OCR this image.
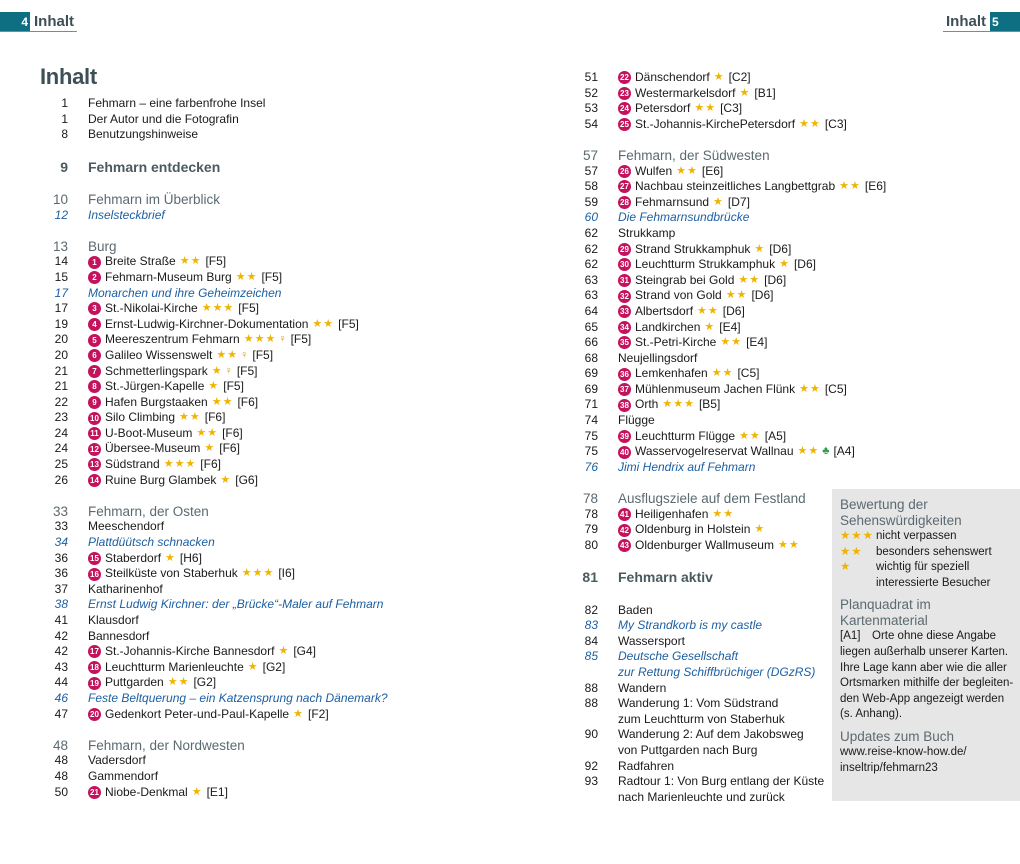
4 Inhalt	Inhalt 5
Inhalt
1 Fehmarn – eine farbenfrohe Insel
1 Der Autor und die Fotografin
8 Benutzungshinweise
9 Fehmarn entdecken
10 Fehmarn im Überblick
12 Inselsteckbrief
13 Burg
14	1 Breite Straße ★★ [F5]
15	2 Fehmarn-Museum Burg ★★ [F5]
17 Monarchen und ihre Geheimzeichen
17	3 St.-Nikolai-Kirche ★★★ [F5]
19	4 Ernst-Ludwig-Kirchner-Dokumentation ★★ [F5]
20	5 Meereszentrum Fehmarn ★★★ ♀ [F5]
20	6 Galileo Wissenswelt ★★ ♀ [F5]
21	7 Schmetterlingspark ★ ♀ [F5]
21	8 St.-Jürgen-Kapelle ★ [F5]
22	9 Hafen Burgstaaken ★★ [F6]
23	10 Silo Climbing ★★ [F6]
24	11 U-Boot-Museum ★★ [F6]
24	12 Übersee-Museum ★ [F6]
25	13 Südstrand ★★★ [F6]
26	14 Ruine Burg Glambek ★ [G6]
33 Fehmarn, der Osten
33 Meeschendorf
34 Plattdüütsch schnacken
36	15 Staberdorf ★ [H6]
36	16 Steilküste von Staberhuk ★★★ [I6]
37 Katharinenhof
38 Ernst Ludwig Kirchner: der „Brücke“-Maler auf Fehmarn
41 Klausdorf
42 Bannesdorf
42	17 St.-Johannis-Kirche Bannesdorf ★ [G4]
43	18 Leuchtturm Marienleuchte ★ [G2]
44	19 Puttgarden ★★ [G2]
46 Feste Beltquerung – ein Katzensprung nach Dänemark?
47	20 Gedenkort Peter-und-Paul-Kapelle ★ [F2]
48 Fehmarn, der Nordwesten
48 Vadersdorf
48 Gammendorf
50	21 Niobe-Denkmal ★ [E1]
51	22 Dänschendorf ★ [C2]
52	23 Westermarkelsdorf ★ [B1]
53	24 Petersdorf ★★ [C3]
54	25 St.-Johannis-KirchePetersdorf ★★ [C3]
57 Fehmarn, der Südwesten
57	26 Wulfen ★★ [E6]
58	27 Nachbau steinzeitliches Langbettgrab ★★ [E6]
59	28 Fehmarnsund ★ [D7]
60 Die Fehmarnsundbrücke
62 Strukkamp
62	29 Strand Strukkamphuk ★ [D6]
62	30 Leuchtturm Strukkamphuk ★ [D6]
63	31 Steingrab bei Gold ★★ [D6]
63	32 Strand von Gold ★★ [D6]
64	33 Albertsdorf ★★ [D6]
65	34 Landkirchen ★ [E4]
66	35 St.-Petri-Kirche ★★ [E4]
68 Neujellingsdorf
69	36 Lemkenhafen ★★ [C5]
69	37 Mühlenmuseum Jachen Flünk ★★ [C5]
71	38 Orth ★★★ [B5]
74 Flügge
75	39 Leuchtturm Flügge ★★ [A5]
75	40 Wasservogelreservat Wallnau ★★ ♣ [A4]
76 Jimi Hendrix auf Fehmarn
78 Ausflugsziele auf dem Festland
78	41 Heiligenhafen ★★
79	42 Oldenburg in Holstein ★
80	43 Oldenburger Wallmuseum ★★
81 Fehmarn aktiv
82 Baden
83 My Strandkorb is my castle
84 Wassersport
85 Deutsche Gesellschaft
zur Rettung Schiffbrüchiger (DGzRS)
88 Wandern
88 Wanderung 1: Vom Südstrand
zum Leuchtturm von Staberhuk
90 Wanderung 2: Auf dem Jakobsweg
von Puttgarden nach Burg
92 Radfahren
93 Radtour 1: Von Burg entlang der Küste
nach Marienleuchte und zurück
Bewertung der
Sehenswürdigkeiten
★★★ nicht verpassen
★★	besonders sehenswert
★	wichtig für speziell
interessierte Besucher
Planquadrat im Kartenmaterial
[A1]	Orte ohne diese Angabe
liegen außerhalb unserer Karten.
Ihre Lage kann aber wie die aller
Ortsmarken mithilfe der begleiten-
den Web-App angezeigt werden
(s. Anhang).
Updates zum Buch
www.reise-know-how.de/
inseltrip/fehmarn23
